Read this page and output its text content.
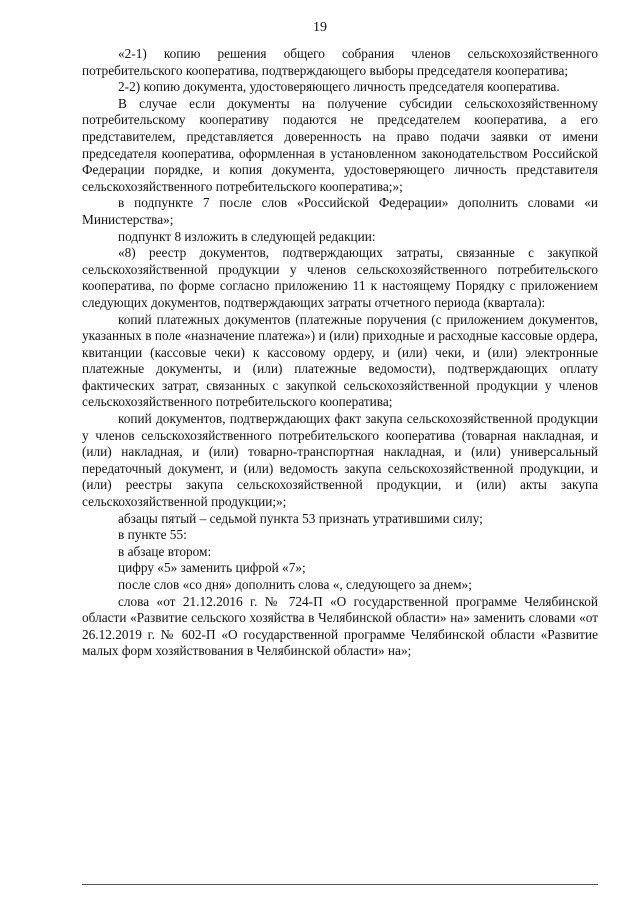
19

«2-1) копию решения общего собрания членов сельскохозяйственного потребительского кооператива, подтверждающего выборы председателя кооператива;

2-2) копию документа, удостоверяющего личность председателя кооператива.

В случае если документы на получение субсидии сельскохозяйственному потребительскому кооперативу подаются не председателем кооператива, а его представителем, представляется доверенность на право подачи заявки от имени председателя кооператива, оформленная в установленном законодательством Российской Федерации порядке, и копия документа, удостоверяющего личность представителя сельскохозяйственного потребительского кооператива;»;

в подпункте 7 после слов «Российской Федерации» дополнить словами «и Министерства»;

подпункт 8 изложить в следующей редакции:

«8) реестр документов, подтверждающих затраты, связанные с закупкой сельскохозяйственной продукции у членов сельскохозяйственного потребительского кооператива, по форме согласно приложению 11 к настоящему Порядку с приложением следующих документов, подтверждающих затраты отчетного периода (квартала):

копий платежных документов (платежные поручения (с приложением документов, указанных в поле «назначение платежа») и (или) приходные и расходные кассовые ордера, квитанции (кассовые чеки) к кассовому ордеру, и (или) чеки, и (или) электронные платежные документы, и (или) платежные ведомости), подтверждающих оплату фактических затрат, связанных с закупкой сельскохозяйственной продукции у членов сельскохозяйственного потребительского кооператива;

копий документов, подтверждающих факт закупа сельскохозяйственной продукции у членов сельскохозяйственного потребительского кооператива (товарная накладная, и (или) накладная, и (или) товарно-транспортная накладная, и (или) универсальный передаточный документ, и (или) ведомость закупа сельскохозяйственной продукции, и (или) реестры закупа сельскохозяйственной продукции, и (или) акты закупа сельскохозяйственной продукции;»;

абзацы пятый – седьмой пункта 53 признать утратившими силу;

в пункте 55:

в абзаце втором:

цифру «5» заменить цифрой «7»;

после слов «со дня» дополнить слова «, следующего за днем»;

слова «от 21.12.2016 г. № 724-П «О государственной программе Челябинской области «Развитие сельского хозяйства в Челябинской области» на» заменить словами «от 26.12.2019 г. № 602-П «О государственной программе Челябинской области «Развитие малых форм хозяйствования в Челябинской области» на»;
